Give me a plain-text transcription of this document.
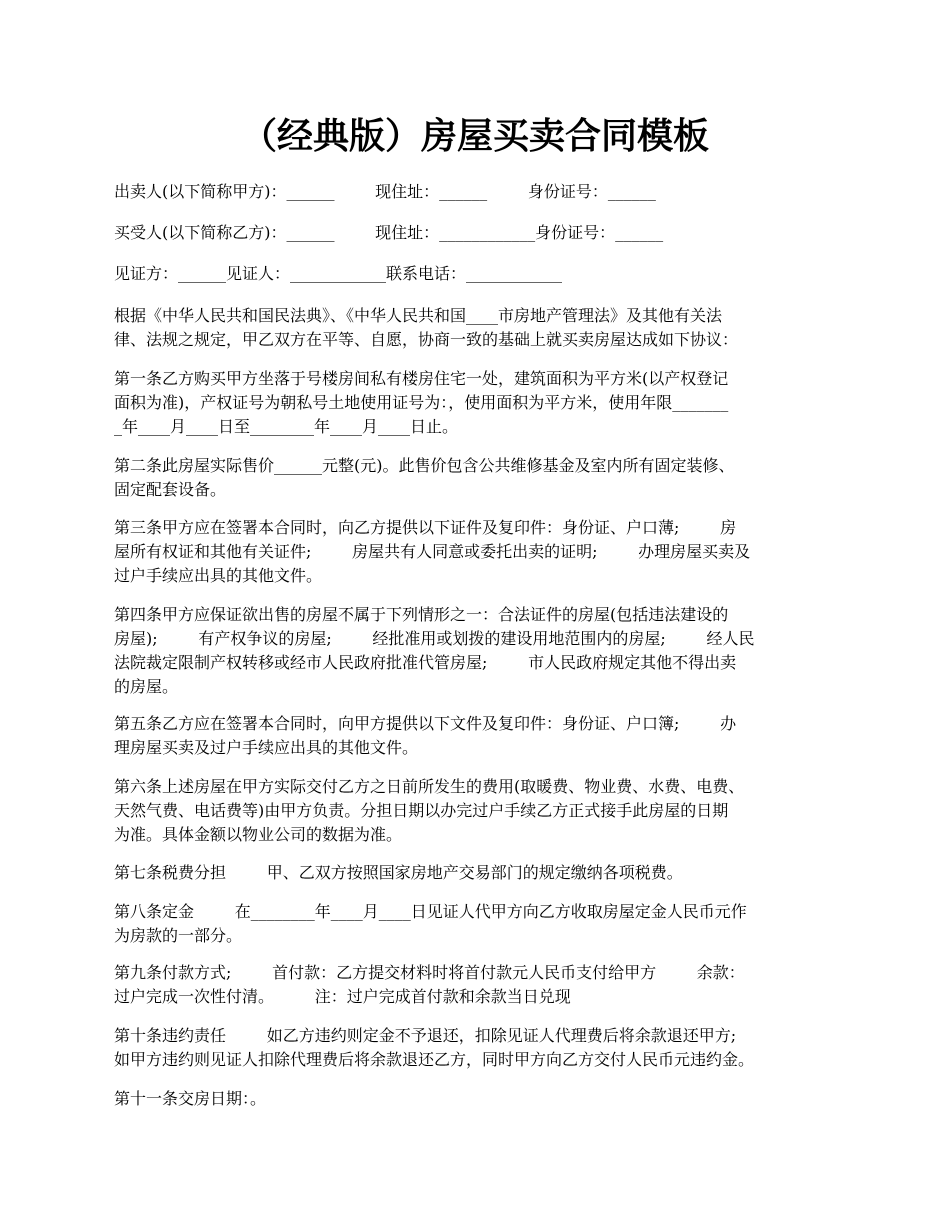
（经典版）房屋买卖合同模板
出卖人(以下简称甲方)：______        现住址：______        身份证号：______
买受人(以下简称乙方)：______        现住址：____________身份证号：______
见证方：______见证人：____________联系电话：____________
根据《中华人民共和国民法典》、《中华人民共和国____市房地产管理法》及其他有关法
律、法规之规定，甲乙双方在平等、自愿，协商一致的基础上就买卖房屋达成如下协议：
第一条乙方购买甲方坐落于号楼房间私有楼房住宅一处，建筑面积为平方米(以产权登记
面积为准)，产权证号为朝私号土地使用证号为：，使用面积为平方米，使用年限_______
_年____月____日至________年____月____日止。
第二条此房屋实际售价______元整(元)。此售价包含公共维修基金及室内所有固定装修、
固定配套设备。
第三条甲方应在签署本合同时，向乙方提供以下证件及复印件：身份证、户口薄;        房
屋所有权证和其他有关证件;        房屋共有人同意或委托出卖的证明;        办理房屋买卖及
过户手续应出具的其他文件。
第四条甲方应保证欲出售的房屋不属于下列情形之一：合法证件的房屋(包括违法建设的
房屋);        有产权争议的房屋;        经批准用或划拨的建设用地范围内的房屋;        经人民
法院裁定限制产权转移或经市人民政府批准代管房屋;        市人民政府规定其他不得出卖
的房屋。
第五条乙方应在签署本合同时，向甲方提供以下文件及复印件：身份证、户口簿;        办
理房屋买卖及过户手续应出具的其他文件。
第六条上述房屋在甲方实际交付乙方之日前所发生的费用(取暖费、物业费、水费、电费、
天然气费、电话费等)由甲方负责。分担日期以办完过户手续乙方正式接手此房屋的日期
为准。具体金额以物业公司的数据为准。
第七条税费分担        甲、乙双方按照国家房地产交易部门的规定缴纳各项税费。
第八条定金        在________年____月____日见证人代甲方向乙方收取房屋定金人民币元作
为房款的一部分。
第九条付款方式;        首付款：乙方提交材料时将首付款元人民币支付给甲方        余款：
过户完成一次性付清。        注：过户完成首付款和余款当日兑现
第十条违约责任        如乙方违约则定金不予退还，扣除见证人代理费后将余款退还甲方;
如甲方违约则见证人扣除代理费后将余款退还乙方，同时甲方向乙方交付人民币元违约金。
第十一条交房日期：。
